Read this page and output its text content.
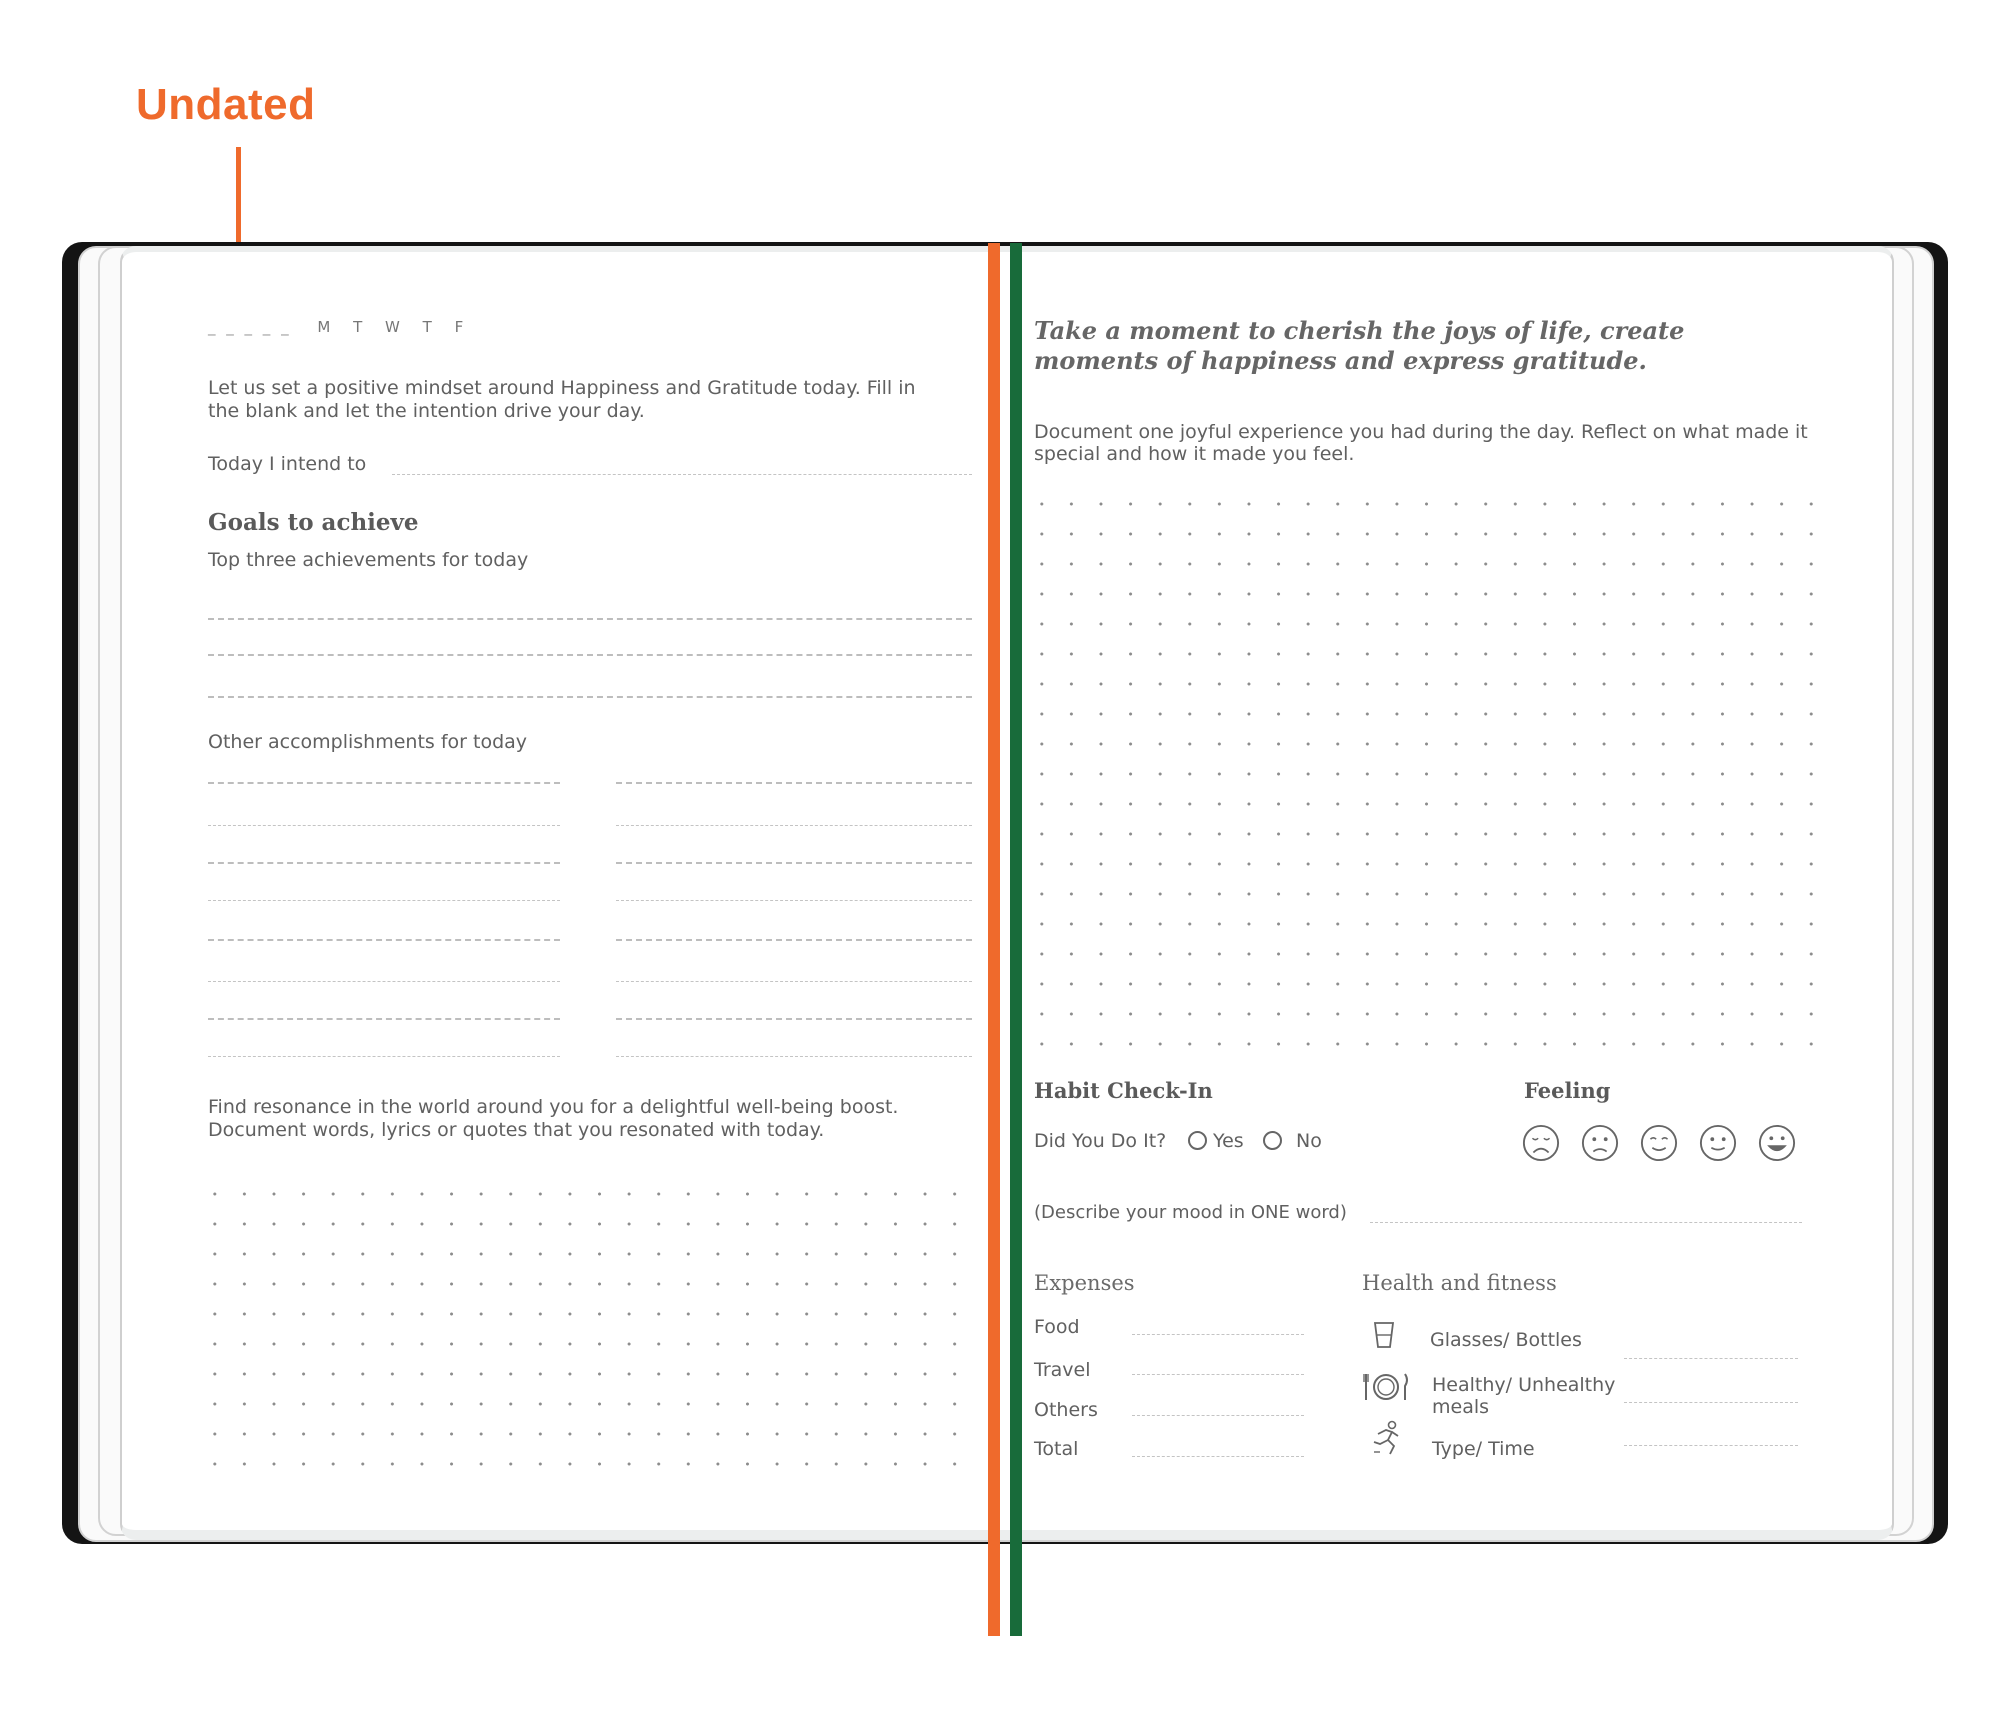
Undated
_ _ _ _ _ M T W T F
Let us set a positive mindset around Happiness and Gratitude today. Fill in
the blank and let the intention drive your day.
Today I intend to
Goals to achieve
Top three achievements for today
Other accomplishments for today
Find resonance in the world around you for a delightful well-being boost.
Document words, lyrics or quotes that you resonated with today.
Take a moment to cherish the joys of life, create moments of happiness and express gratitude.
Document one joyful experience you had during the day. Reflect on what made it
special and how it made you feel.
Habit Check-In
Did You Do It?	Yes	No
Feeling
(Describe your mood in ONE word)
Expenses
Food
Travel
Others
Total
Health and fitness
Glasses/ Bottles
Healthy/ Unhealthy
meals
Type/ Time
